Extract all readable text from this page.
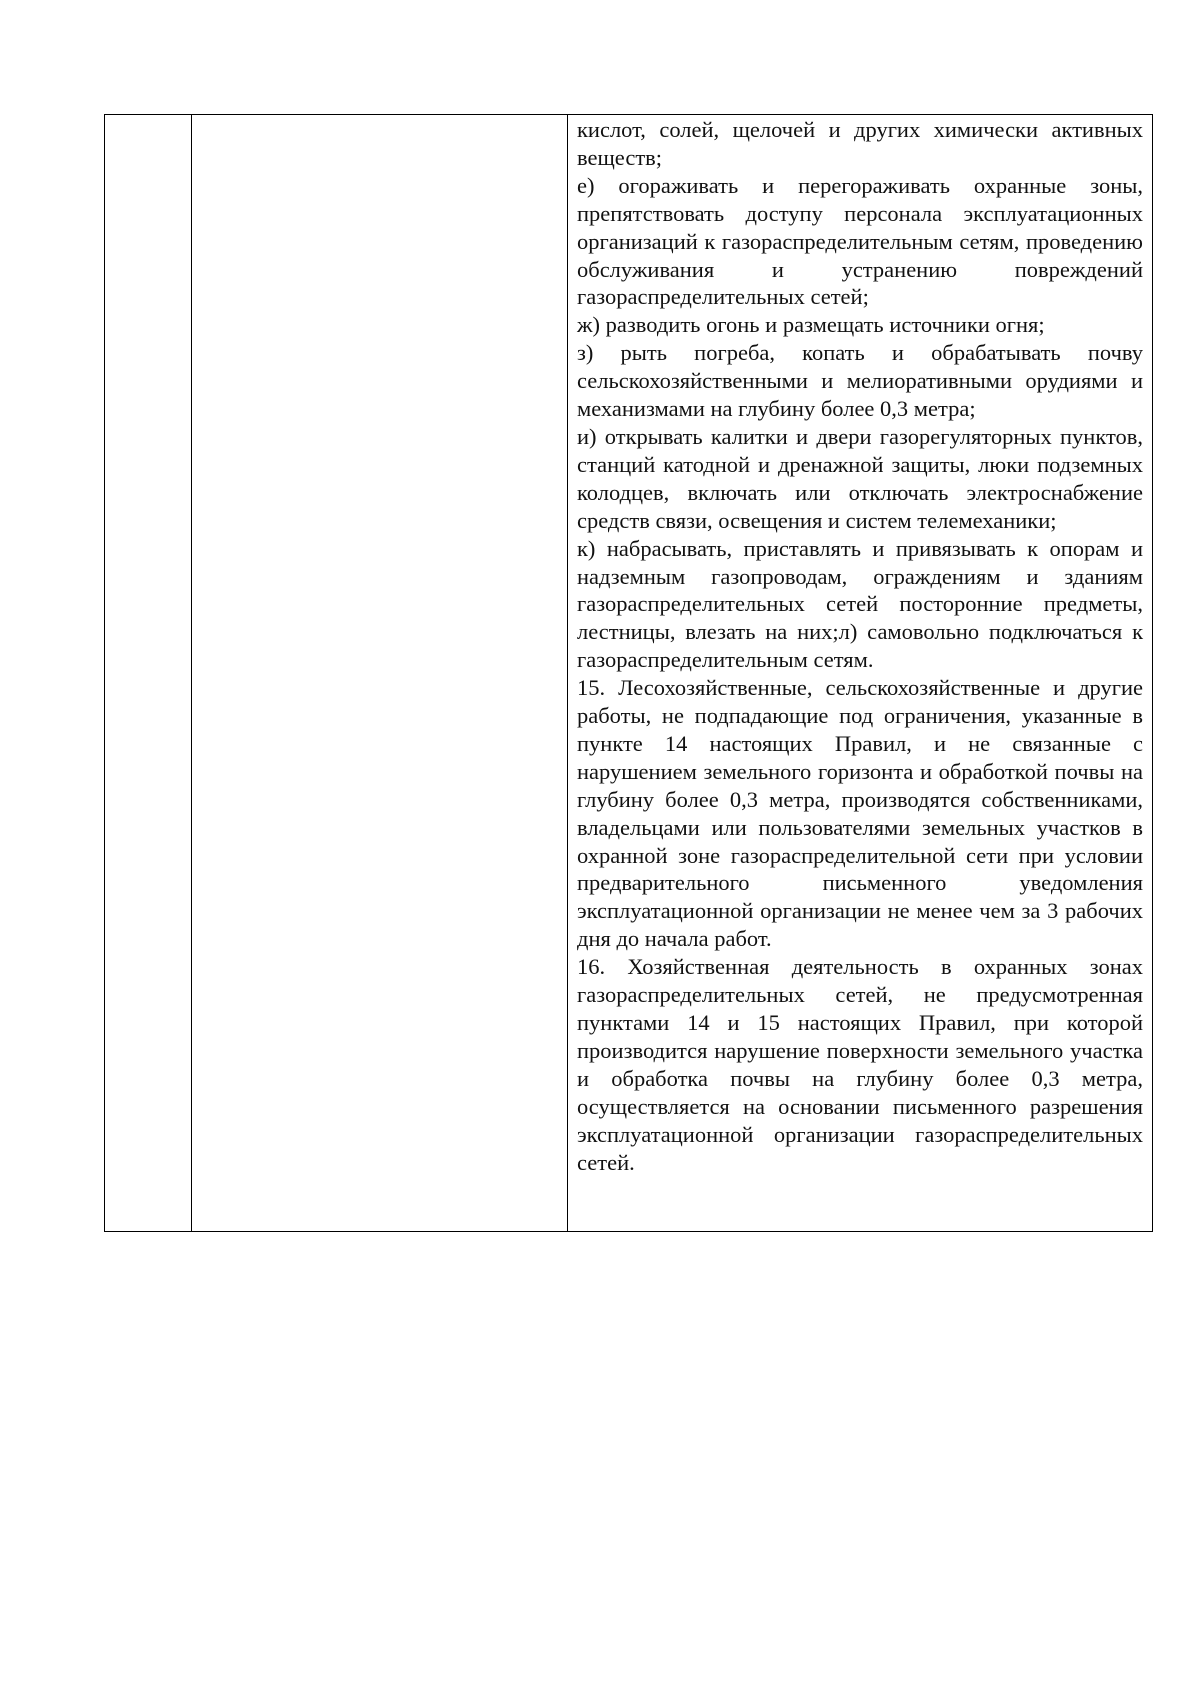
кислот, солей, щелочей и других химически активных веществ;

е) огораживать и перегораживать охранные зоны, препятствовать доступу персонала эксплуатационных организаций к газораспределительным сетям, проведению обслуживания и устранению повреждений газораспределительных сетей;

ж) разводить огонь и размещать источники огня;

з) рыть погреба, копать и обрабатывать почву сельскохозяйственными и мелиоративными орудиями и механизмами на глубину более 0,3 метра;

и) открывать калитки и двери газорегуляторных пунктов, станций катодной и дренажной защиты, люки подземных колодцев, включать или отключать электроснабжение средств связи, освещения и систем телемеханики;

к) набрасывать, приставлять и привязывать к опорам и надземным газопроводам, ограждениям и зданиям газораспределительных сетей посторонние предметы, лестницы, влезать на них;л) самовольно подключаться к газораспределительным сетям.

15. Лесохозяйственные, сельскохозяйственные и другие работы, не подпадающие под ограничения, указанные в пункте 14 настоящих Правил, и не связанные с нарушением земельного горизонта и обработкой почвы на глубину более 0,3 метра, производятся собственниками, владельцами или пользователями земельных участков в охранной зоне газораспределительной сети при условии предварительного письменного уведомления эксплуатационной организации не менее чем за 3 рабочих дня до начала работ.

16. Хозяйственная деятельность в охранных зонах газораспределительных сетей, не предусмотренная пунктами 14 и 15 настоящих Правил, при которой производится нарушение поверхности земельного участка и обработка почвы на глубину более 0,3 метра, осуществляется на основании письменного разрешения эксплуатационной организации газораспределительных сетей.
